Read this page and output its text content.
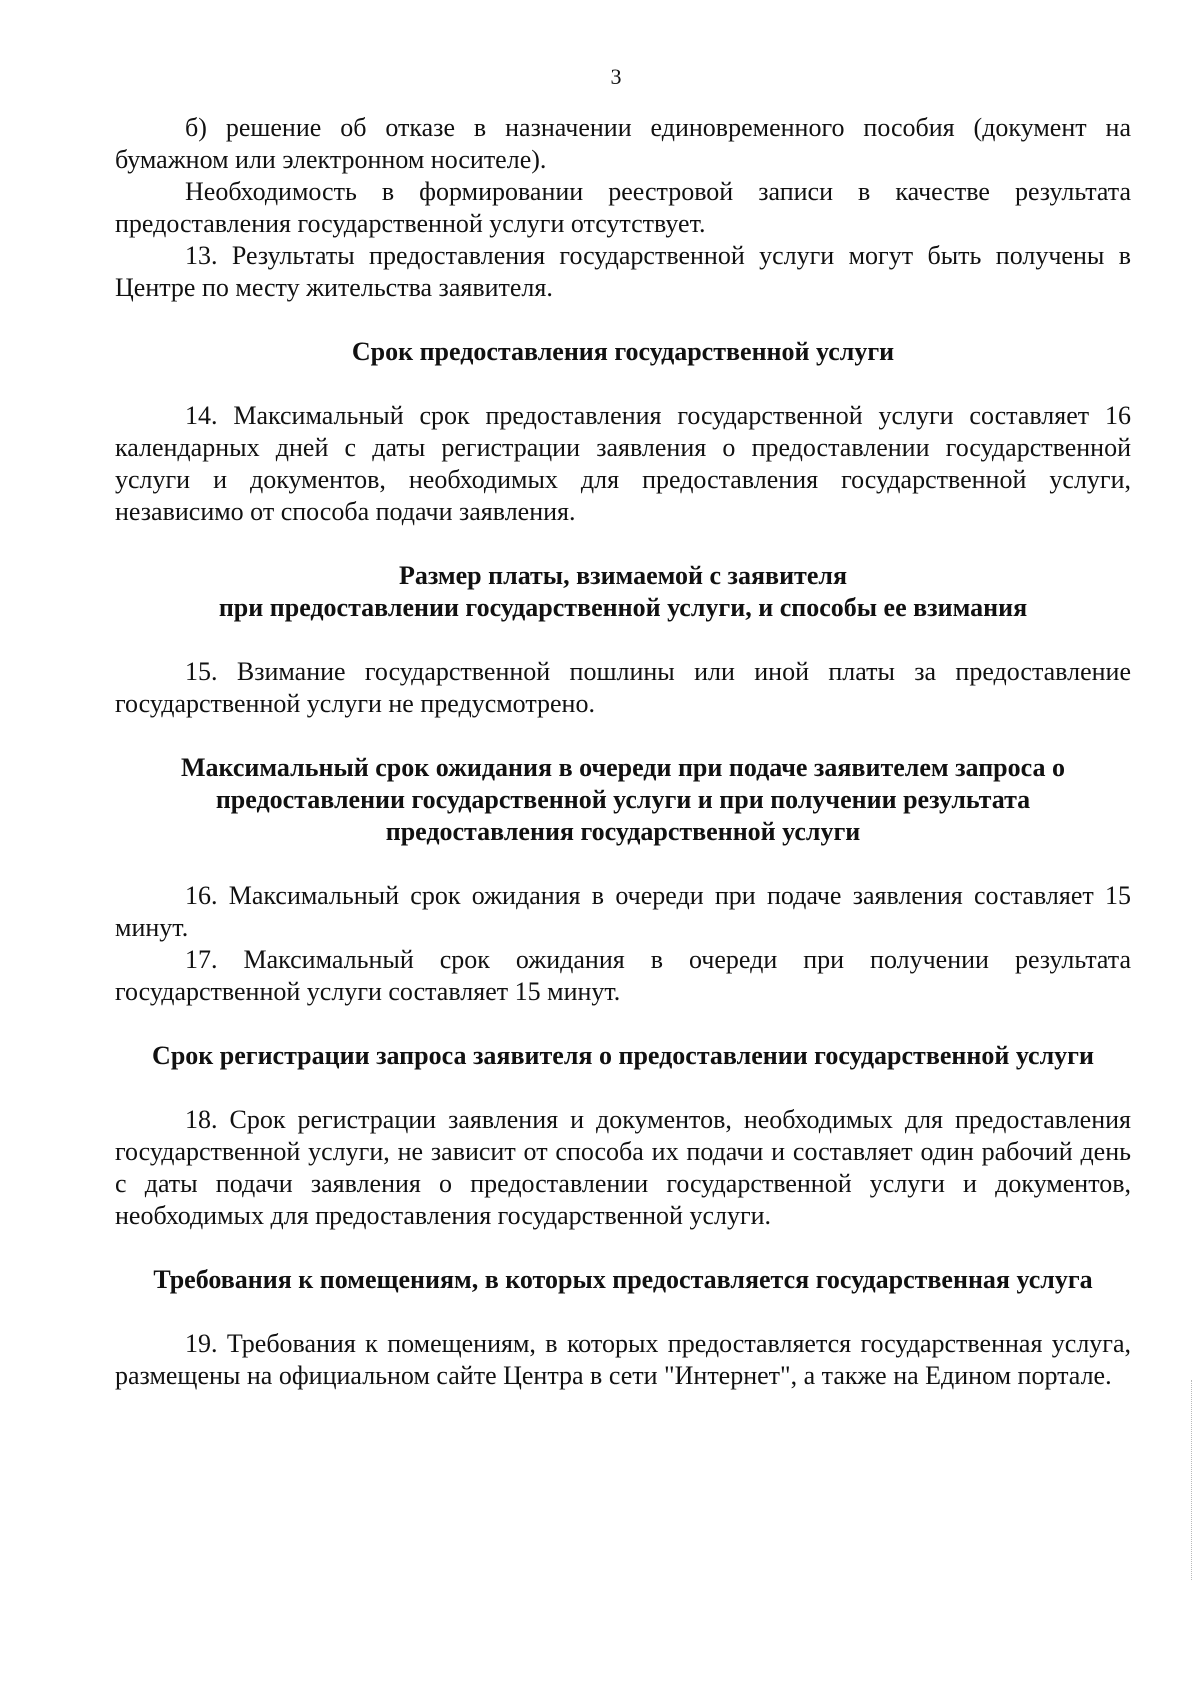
3

б) решение об отказе в назначении единовременного пособия (документ на бумажном или электронном носителе).

Необходимость в формировании реестровой записи в качестве результата предоставления государственной услуги отсутствует.

13. Результаты предоставления государственной услуги могут быть получены в Центре по месту жительства заявителя.

Срок предоставления государственной услуги

14. Максимальный срок предоставления государственной услуги составляет 16 календарных дней с даты регистрации заявления о предоставлении государственной услуги и документов, необходимых для предоставления государственной услуги, независимо от способа подачи заявления.

Размер платы, взимаемой с заявителя
при предоставлении государственной услуги, и способы ее взимания

15. Взимание государственной пошлины или иной платы за предоставление государственной услуги не предусмотрено.

Максимальный срок ожидания в очереди при подаче заявителем запроса о
предоставлении государственной услуги и при получении результата
предоставления государственной услуги

16. Максимальный срок ожидания в очереди при подаче заявления составляет 15 минут.

17. Максимальный срок ожидания в очереди при получении результата государственной услуги составляет 15 минут.

Срок регистрации запроса заявителя о предоставлении государственной услуги

18. Срок регистрации заявления и документов, необходимых для предоставления государственной услуги, не зависит от способа их подачи и составляет один рабочий день с даты подачи заявления о предоставлении государственной услуги и документов, необходимых для предоставления государственной услуги.

Требования к помещениям, в которых предоставляется государственная услуга

19. Требования к помещениям, в которых предоставляется государственная услуга, размещены на официальном сайте Центра в сети "Интернет", а также на Едином портале.
